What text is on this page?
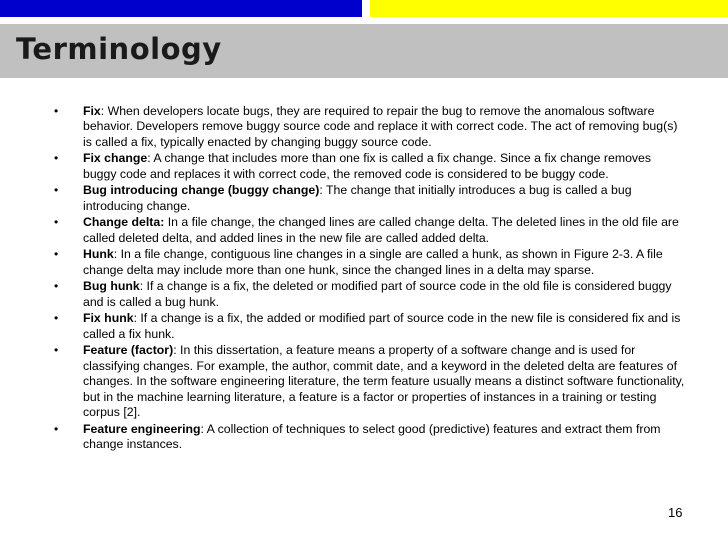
Terminology
• Fix: When developers locate bugs, they are required to repair the bug to remove the anomalous software behavior. Developers remove buggy source code and replace it with correct code. The act of removing bug(s) is called a fix, typically enacted by changing buggy source code.
• Fix change: A change that includes more than one fix is called a fix change. Since a fix change removes buggy code and replaces it with correct code, the removed code is considered to be buggy code.
• Bug introducing change (buggy change): The change that initially introduces a bug is called a bug introducing change.
• Change delta: In a file change, the changed lines are called change delta. The deleted lines in the old file are called deleted delta, and added lines in the new file are called added delta.
• Hunk: In a file change, contiguous line changes in a single are called a hunk, as shown in Figure 2‐3. A file change delta may include more than one hunk, since the changed lines in a delta may sparse.
• Bug hunk: If a change is a fix, the deleted or modified part of source code in the old file is considered buggy and is called a bug hunk.
• Fix hunk: If a change is a fix, the added or modified part of source code in the new file is considered fix and is called a fix hunk.
• Feature (factor): In this dissertation, a feature means a property of a software change and is used for classifying changes. For example, the author, commit date, and a keyword in the deleted delta are features of changes. In the software engineering literature, the term feature usually means a distinct software functionality, but in the machine learning literature, a feature is a factor or properties of instances in a training or testing corpus [2].
• Feature engineering: A collection of techniques to select good (predictive) features and extract them from change instances.
16
